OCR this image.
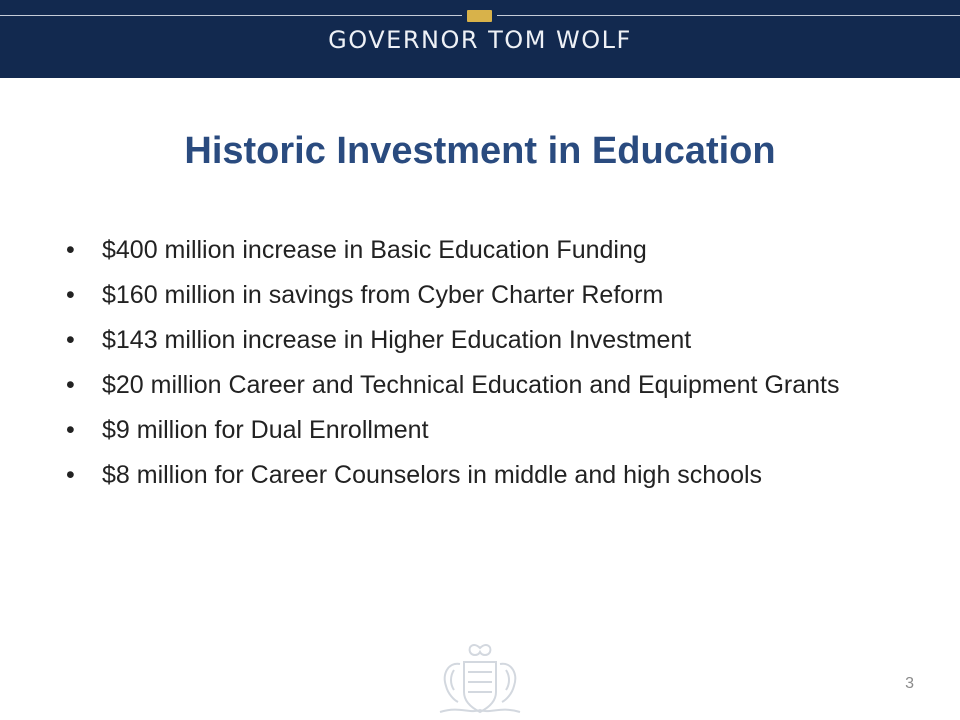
GOVERNOR TOM WOLF
Historic Investment in Education
• $400 million increase in Basic Education Funding
• $160 million in savings from Cyber Charter Reform
• $143 million increase in Higher Education Investment
• $20 million Career and Technical Education and Equipment Grants
• $9 million for Dual Enrollment
• $8 million for Career Counselors in middle and high schools
3
